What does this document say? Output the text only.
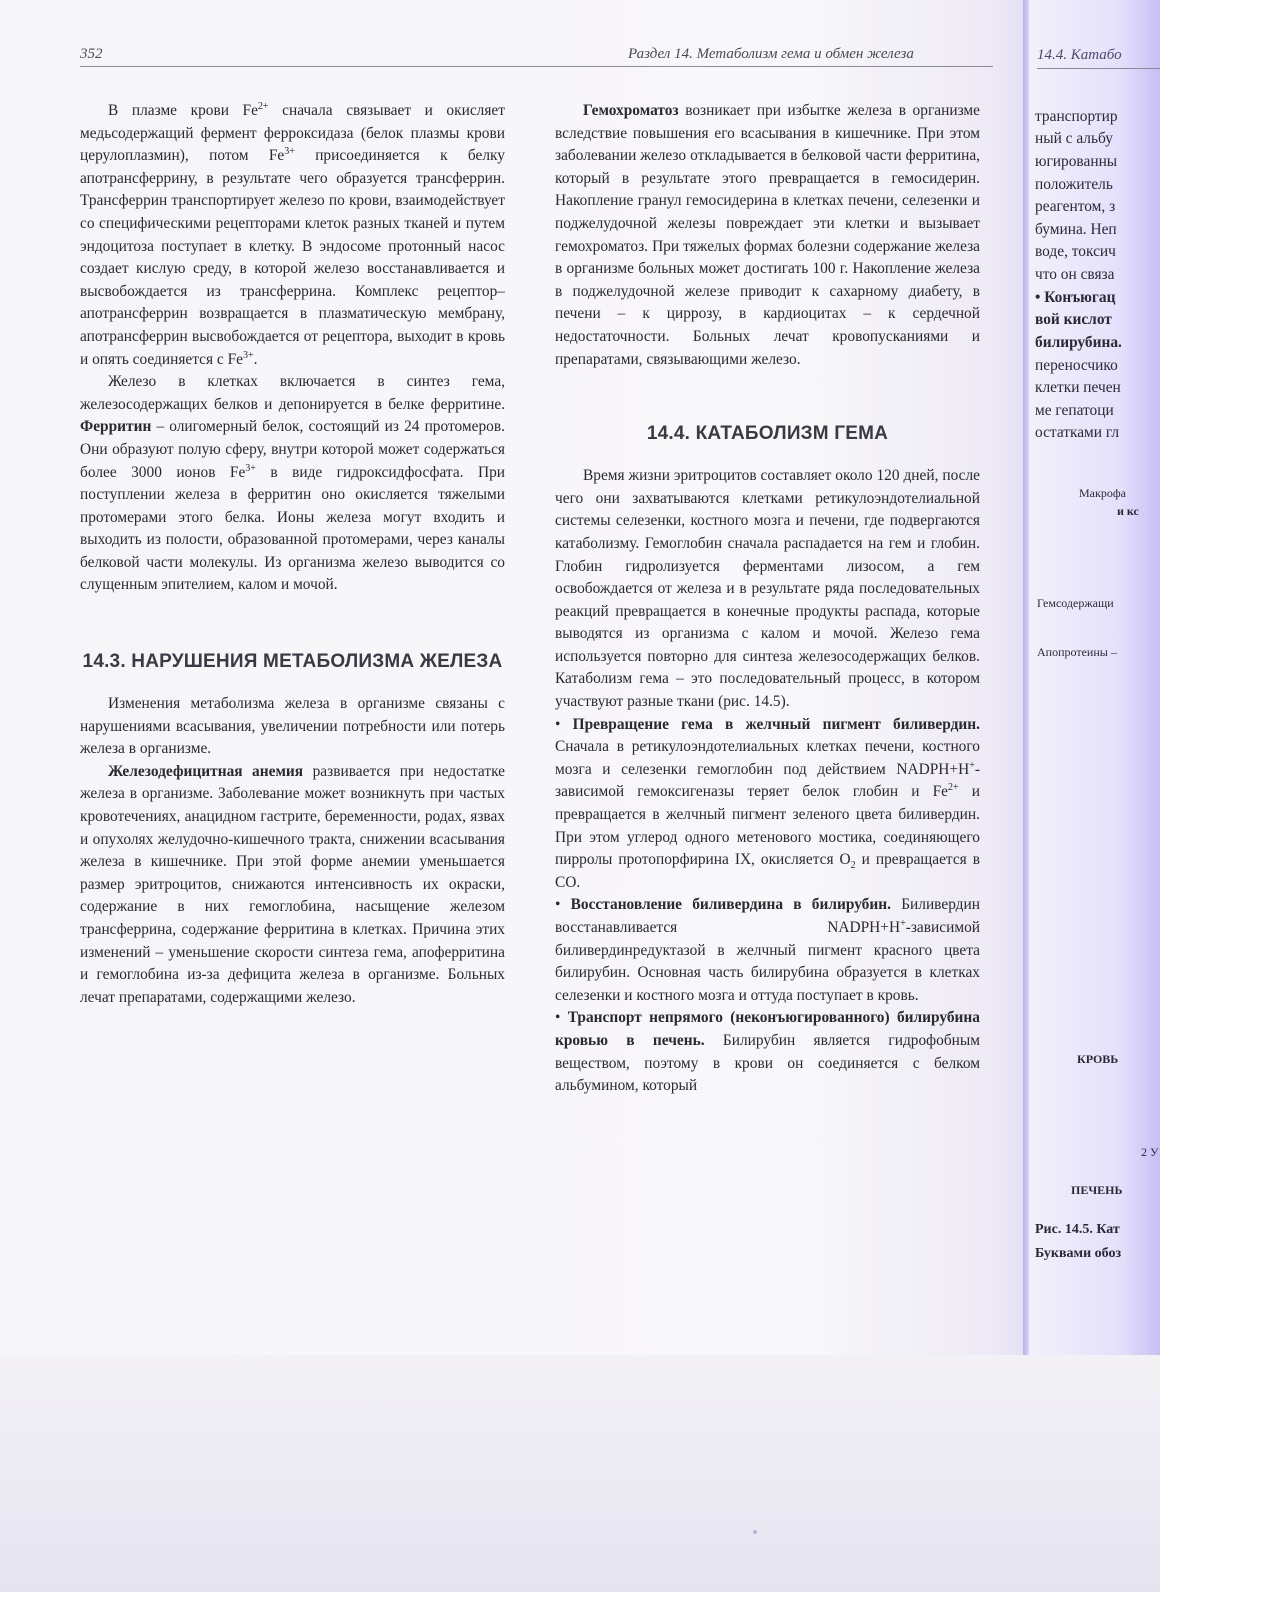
352	Раздел 14. Метаболизм гема и обмен железа

В плазме крови $Fe^{2+}$ сначала связывает и окисляет медьсодержащий фермент ферроксидаза (белок плазмы крови церулоплазмин), потом $Fe^{3+}$ присоединяется к белку апотрансферрину, в результате чего образуется трансферрин. Трансферрин транспортирует железо по крови, взаимодействует со специфическими рецепторами клеток разных тканей и путем эндоцитоза поступает в клетку. В эндосоме протонный насос создает кислую среду, в которой железо восстанавливается и высвобождается из трансферрина. Комплекс рецептор–апотрансферрин возвращается в плазматическую мембрану, апотрансферрин высвобождается от рецептора, выходит в кровь и опять соединяется с $Fe^{3+}$.

Железо в клетках включается в синтез гема, железосодержащих белков и депонируется в белке ферритине. Ферритин – олигомерный белок, состоящий из 24 протомеров. Они образуют полую сферу, внутри которой может содержаться более 3000 ионов $Fe^{3+}$ в виде гидроксидфосфата. При поступлении железа в ферритин оно окисляется тяжелыми протомерами этого белка. Ионы железа могут входить и выходить из полости, образованной протомерами, через каналы белковой части молекулы. Из организма железо выводится со слущенным эпителием, калом и мочой.

14.3. НАРУШЕНИЯ МЕТАБОЛИЗМА ЖЕЛЕЗА

Изменения метаболизма железа в организме связаны с нарушениями всасывания, увеличении потребности или потерь железа в организме.

Железодефицитная анемия развивается при недостатке железа в организме. Заболевание может возникнуть при частых кровотечениях, анацидном гастрите, беременности, родах, язвах и опухолях желудочно-кишечного тракта, снижении всасывания железа в кишечнике. При этой форме анемии уменьшается размер эритроцитов, снижаются интенсивность их окраски, содержание в них гемоглобина, насыщение железом трансферрина, содержание ферритина в клетках. Причина этих изменений – уменьшение скорости синтеза гема, апоферритина и гемоглобина из-за дефицита железа в организме. Больных лечат препаратами, содержащими железо.

Гемохроматоз возникает при избытке железа в организме вследствие повышения его всасывания в кишечнике. При этом заболевании железо откладывается в белковой части ферритина, который в результате этого превращается в гемосидерин. Накопление гранул гемосидерина в клетках печени, селезенки и поджелудочной железы повреждает эти клетки и вызывает гемохроматоз. При тяжелых формах болезни содержание железа в организме больных может достигать 100 г. Накопление железа в поджелудочной железе приводит к сахарному диабету, в печени – к циррозу, в кардиоцитах – к сердечной недостаточности. Больных лечат кровопусканиями и препаратами, связывающими железо.

14.4. КАТАБОЛИЗМ ГЕМА

Время жизни эритроцитов составляет около 120 дней, после чего они захватываются клетками ретикулоэндотелиальной системы селезенки, костного мозга и печени, где подвергаются катаболизму. Гемоглобин сначала распадается на гем и глобин. Глобин гидролизуется ферментами лизосом, а гем освобождается от железа и в результате ряда последовательных реакций превращается в конечные продукты распада, которые выводятся из организма с калом и мочой. Железо гема используется повторно для синтеза железосодержащих белков. Катаболизм гема – это последовательный процесс, в котором участвуют разные ткани (рис. 14.5).

• Превращение гема в желчный пигмент биливердин. Сначала в ретикулоэндотелиальных клетках печени, костного мозга и селезенки гемоглобин под действием NADPH+H+-зависимой гемоксигеназы теряет белок глобин и $Fe^{2+}$ и превращается в желчный пигмент зеленого цвета биливердин. При этом углерод одного метенового мостика, соединяющего пирролы протопорфирина IX, окисляется $O_2$ и превращается в CO.

• Восстановление биливердина в билирубин. Биливердин восстанавливается NADPH+H+-зависимой биливердинредуктазой в желчный пигмент красного цвета билирубин. Основная часть билирубина образуется в клетках селезенки и костного мозга и оттуда поступает в кровь.

• Транспорт непрямого (неконъюгированного) билирубина кровью в печень. Билирубин является гидрофобным веществом, поэтому в крови он соединяется с белком альбумином, который

14.4. Катабо
транспортир
ный с альбу
югированны
положитель
реагентом, з
бумина. Неп
воде, токсич
что он связа
• Конъюгац
вой кислот
билирубина.
переносчико
клетки печен
ме гепатоци
остатками гл
Макрофа
и кс
Гемсодержащи
Апопротеины –
КРОВЬ
2 У
ПЕЧЕНЬ
Рис. 14.5. Кат
Буквами обоз
